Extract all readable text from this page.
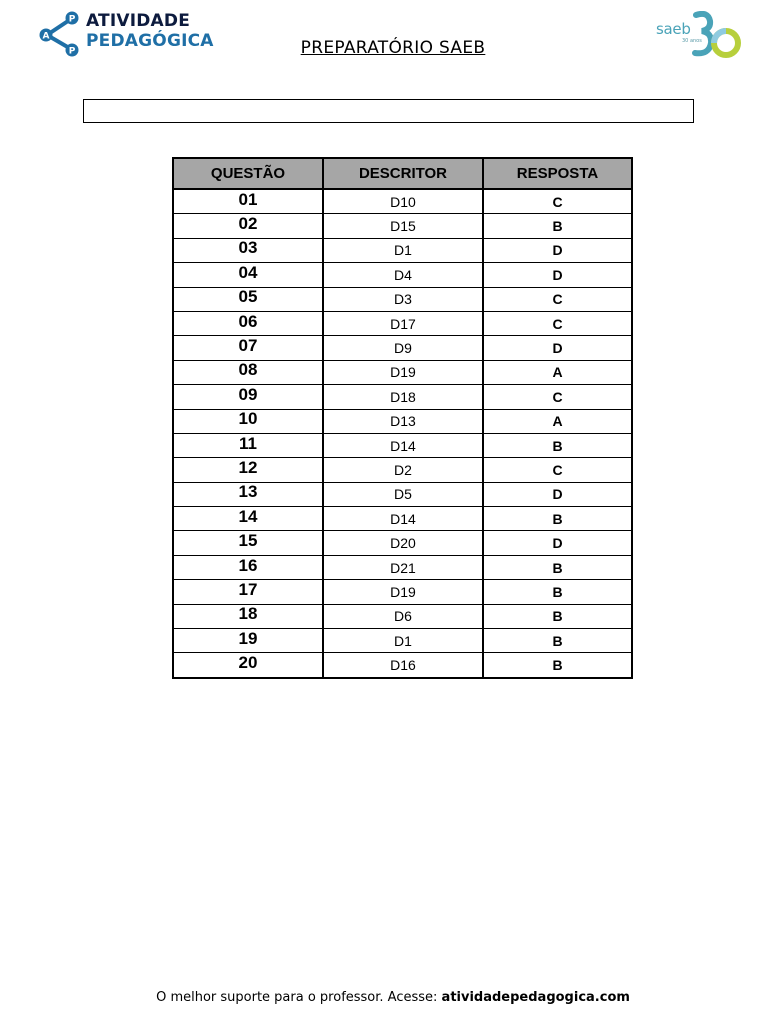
A
P
P
ATIVIDADE
PEDAGÓGICA	PREPARATÓRIO SAEB
saeb
30 anos
QUESTÃO	DESCRITOR	RESPOSTA
01	D10	C
02	D15	B
03	D1	D
04	D4	D
05	D3	C
06	D17	C
07	D9	D
08	D19	A
09	D18	C
10	D13	A
11	D14	B
12	D2	C
13	D5	D
14	D14	B
15	D20	D
16	D21	B
17	D19	B
18	D6	B
19	D1	B
20	D16	B
O melhor suporte para o professor. Acesse: atividadepedagogica.com
